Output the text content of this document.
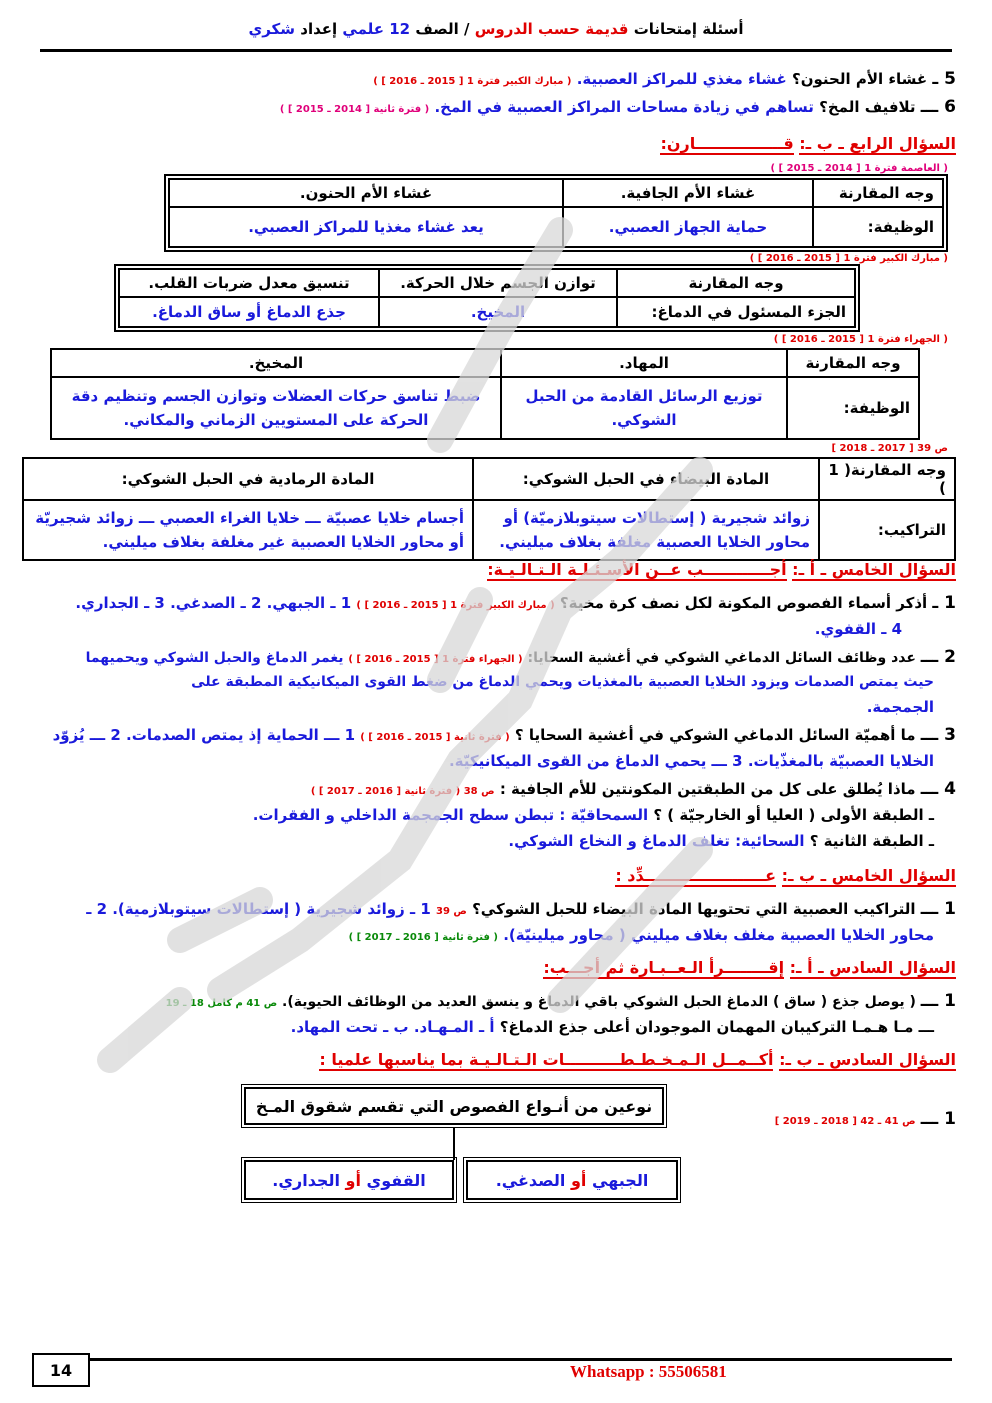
أسئلة إمتحانات قديمة حسب الدروس / الصف 12 علمي إعداد شكري
5 ـ غشاء الأم الحنون؟ غشاء مغذي للمراكز العصبية. ( مبارك الكبير فترة 1 [ 2015 ـ 2016 ] )
6 ـــ تلافيف المخ؟ تساهم في زيادة مساحات المراكز العصبية في المخ. ( فترة ثانية [ 2014 ـ 2015 ] )
السؤال الرابع ـ ب ـ: قــــــــــــــــارن:
( العاصمة فترة 1 [ 2014 ـ 2015 ] )
وجه المقارنة	غشاء الأم الجافية.	غشاء الأم الحنون.
الوظيفة:	حماية الجهاز العصبي.	يعد غشاء مغذيا للمراكز العصبي.
( مبارك الكبير فترة 1 [ 2015 ـ 2016 ] )
وجه المقارنة	توازن الجسم خلال الحركة.	تنسيق معدل ضربات القلب.
الجزء المسئول في الدماغ:	المخيخ.	جذع الدماغ أو ساق الدماغ.
( الجهراء فترة 1 [ 2015 ـ 2016 ] )
وجه المقارنة	المهاد.	المخيخ.
الوظيفة:	توزيع الرسائل القادمة من الحبل الشوكي.	ضبط تناسق حركات العضلات وتوازن الجسم وتنظيم دقة الحركة على المستويين الزماني والمكاني.
ص 39 [ 2017 ـ 2018 ]
وجه المقارنة( 1 )	المادة البيضاء في الحبل الشوكي:	المادة الرمادية في الحبل الشوكي:
التراكيب:	زوائد شجيرية ( إستطالات سيتوبلازميّة) أو محاور الخلايا العصبية مغلفة بغلاف ميليني.	أجسام خلايا عصبيّة ـــ خلايا الغراء العصبي ـــ زوائد شجيريّة أو محاور الخلايا العصبية غير مغلفة بغلاف ميليني.
السؤال الخامس ـ أ ـ: أجــــــــــــب عــن الأسـئـلـة الـتـالـيـة:
1 ـ أذكر أسماء الفصوص المكونة لكل نصف كرة مخية؟ ( مبارك الكبير فترة 1 [ 2015 ـ 2016 ] ) 1 ـ الجبهي. 2 ـ الصدغي. 3 ـ الجداري.
4 ـ القفوي.
2 ـــ عدد وظائف السائل الدماغي الشوكي في أغشية السحايا: ( الجهراء فترة 1 [ 2015 ـ 2016 ] ) يغمر الدماغ والحبل الشوكي ويحميهما
حيث يمتص الصدمات ويزود الخلايا العصبية بالمغذيات ويحمي الدماغ من ضغط القوى الميكانيكية المطبقة على
الجمجمة.
3 ـــ ما أهميّة السائل الدماغي الشوكي في أغشية السحايا ؟ ( فترة ثانية [ 2015 ـ 2016 ] ) 1 ـــ الحماية إذ يمتص الصدمات. 2 ـــ يُزوّد
الخلايا العصبيّة بالمغذّيات. 3 ـــ يحمي الدماغ من القوى الميكانيكيّة.
4 ـــ ماذا يُطلق على كل من الطبقتين المكونتين للأم الجافية : ص 38 ( فترة ثانية [ 2016 ـ 2017 ] )
ـ الطبقة الأولى ( العليا أو الخارجيّة ) ؟ السمحاقيّة : تبطن سطح الجمجمة الداخلي و الفقرات.
ـ الطبقة الثانية ؟ السحائية: تغلف الدماغ و النخاع الشوكي.
السؤال الخامس ـ ب ـ: عــــــــــــــــــــــدِّد :
1 ـــ التراكيب العصبية التي تحتويها المادة البيضاء للحبل الشوكي؟ ص 39 1 ـ زوائد شجيرية ( إستطالات سيتوبلازمية). 2 ـ
محاور الخلايا العصبية مغلف بغلاف ميليني ( محاور ميلينيّة). ( فترة ثانية [ 2016 ـ 2017 ] )
السؤال السادس ـ أ ـ: إقــــــــرأ الـعــبـارة ثم أجـــب:
1 ـــ ( يوصل جذع ( ساق ) الدماغ الحبل الشوكي باقي الدماغ و ينسق العديد من الوظائف الحيوية). ص 41 م كامل 18 ـ 19
ـــ مـا هـمـا التركيبان المهمان الموجودان أعلى جذع الدماغ؟ أ ـ المـهـاد. ب ـ تحت المهاد.
السؤال السادس ـ ب ـ: أكــمــل الـمـخـطـطــــــــــات الـتـالـيـة بما يناسبها علميا :
1 ـــ ص 41 ـ 42 [ 2018 ـ 2019 ]
نوعين من أنـواع الفصوص التي تقسم شقوق المـخ
الجبهي

أو

الصدغي.
القفوي

أو

الجداري.
14	Whatsapp : 55506581
